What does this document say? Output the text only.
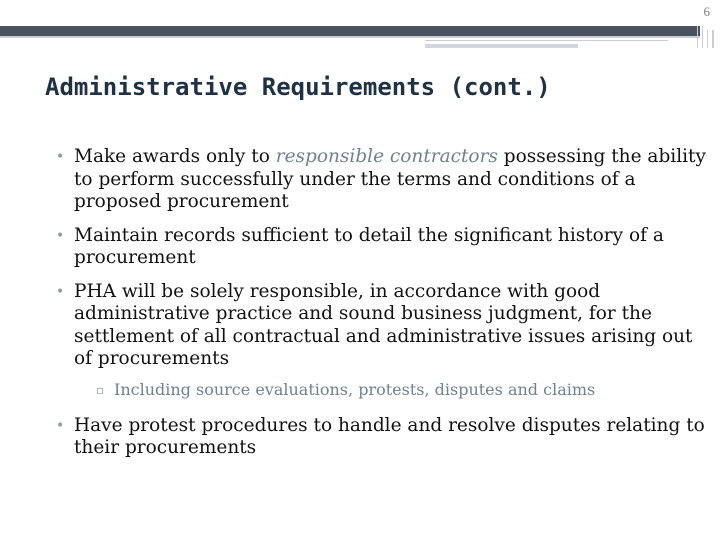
6
Administrative Requirements (cont.)
• Make awards only to responsible contractors possessing the ability to perform successfully under the terms and conditions of a proposed procurement
• Maintain records sufficient to detail the significant history of a procurement
• PHA will be solely responsible, in accordance with good administrative practice and sound business judgment, for the settlement of all contractual and administrative issues arising out of procurements
▫ Including source evaluations, protests, disputes and claims
• Have protest procedures to handle and resolve disputes relating to their procurements
